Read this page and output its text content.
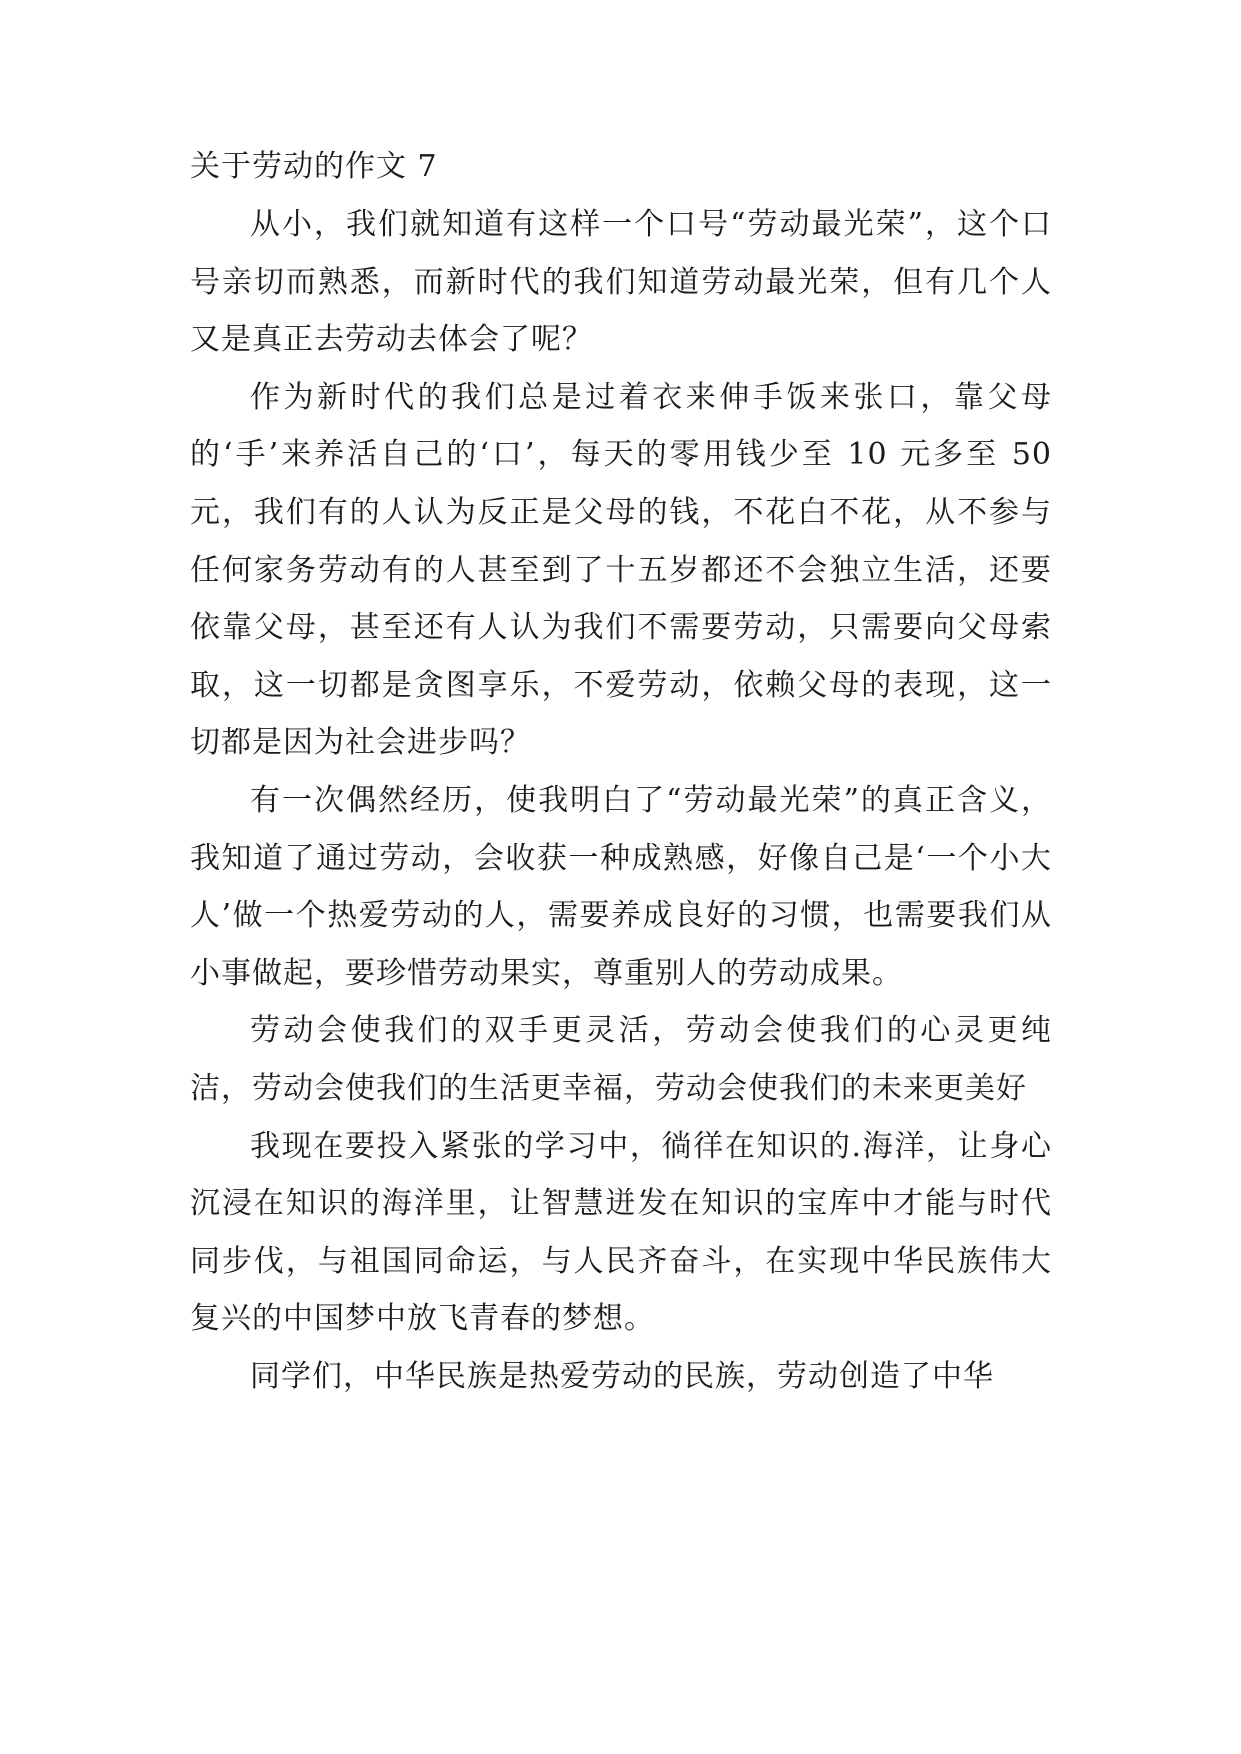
关于劳动的作文 7

从小，我们就知道有这样一个口号“劳动最光荣”，这个口号亲切而熟悉，而新时代的我们知道劳动最光荣，但有几个人又是真正去劳动去体会了呢？

作为新时代的我们总是过着衣来伸手饭来张口，靠父母的‘手’来养活自己的‘口’，每天的零用钱少至 10 元多至 50 元，我们有的人认为反正是父母的钱，不花白不花，从不参与任何家务劳动有的人甚至到了十五岁都还不会独立生活，还要依靠父母，甚至还有人认为我们不需要劳动，只需要向父母索取，这一切都是贪图享乐，不爱劳动，依赖父母的表现，这一切都是因为社会进步吗？

有一次偶然经历，使我明白了“劳动最光荣”的真正含义，我知道了通过劳动，会收获一种成熟感，好像自己是‘一个小大人’做一个热爱劳动的人，需要养成良好的习惯，也需要我们从小事做起，要珍惜劳动果实，尊重别人的劳动成果。

劳动会使我们的双手更灵活，劳动会使我们的心灵更纯洁，劳动会使我们的生活更幸福，劳动会使我们的未来更美好

我现在要投入紧张的学习中，徜徉在知识的.海洋，让身心沉浸在知识的海洋里，让智慧迸发在知识的宝库中才能与时代同步伐，与祖国同命运，与人民齐奋斗，在实现中华民族伟大复兴的中国梦中放飞青春的梦想。

同学们，中华民族是热爱劳动的民族，劳动创造了中华
